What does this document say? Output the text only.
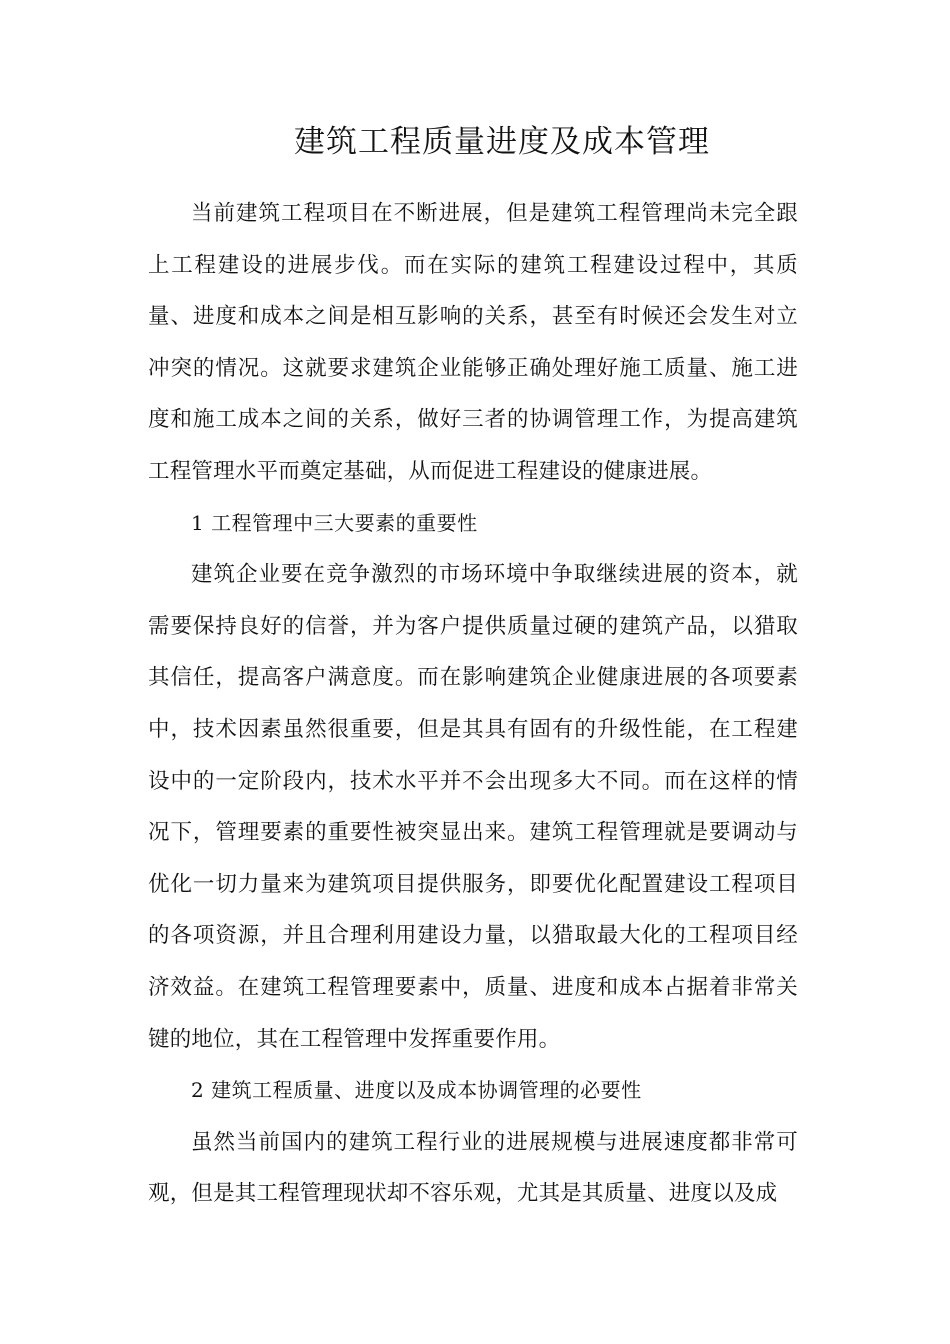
建筑工程质量进度及成本管理

当前建筑工程项目在不断进展，但是建筑工程管理尚未完全跟上工程建设的进展步伐。而在实际的建筑工程建设过程中，其质量、进度和成本之间是相互影响的关系，甚至有时候还会发生对立冲突的情况。这就要求建筑企业能够正确处理好施工质量、施工进度和施工成本之间的关系，做好三者的协调管理工作，为提高建筑工程管理水平而奠定基础，从而促进工程建设的健康进展。

1 工程管理中三大要素的重要性

建筑企业要在竞争激烈的市场环境中争取继续进展的资本，就需要保持良好的信誉，并为客户提供质量过硬的建筑产品，以猎取其信任，提高客户满意度。而在影响建筑企业健康进展的各项要素中，技术因素虽然很重要，但是其具有固有的升级性能，在工程建设中的一定阶段内，技术水平并不会出现多大不同。而在这样的情况下，管理要素的重要性被突显出来。建筑工程管理就是要调动与优化一切力量来为建筑项目提供服务，即要优化配置建设工程项目的各项资源，并且合理利用建设力量，以猎取最大化的工程项目经济效益。在建筑工程管理要素中，质量、进度和成本占据着非常关键的地位，其在工程管理中发挥重要作用。

2 建筑工程质量、进度以及成本协调管理的必要性

虽然当前国内的建筑工程行业的进展规模与进展速度都非常可观，但是其工程管理现状却不容乐观，尤其是其质量、进度以及成
